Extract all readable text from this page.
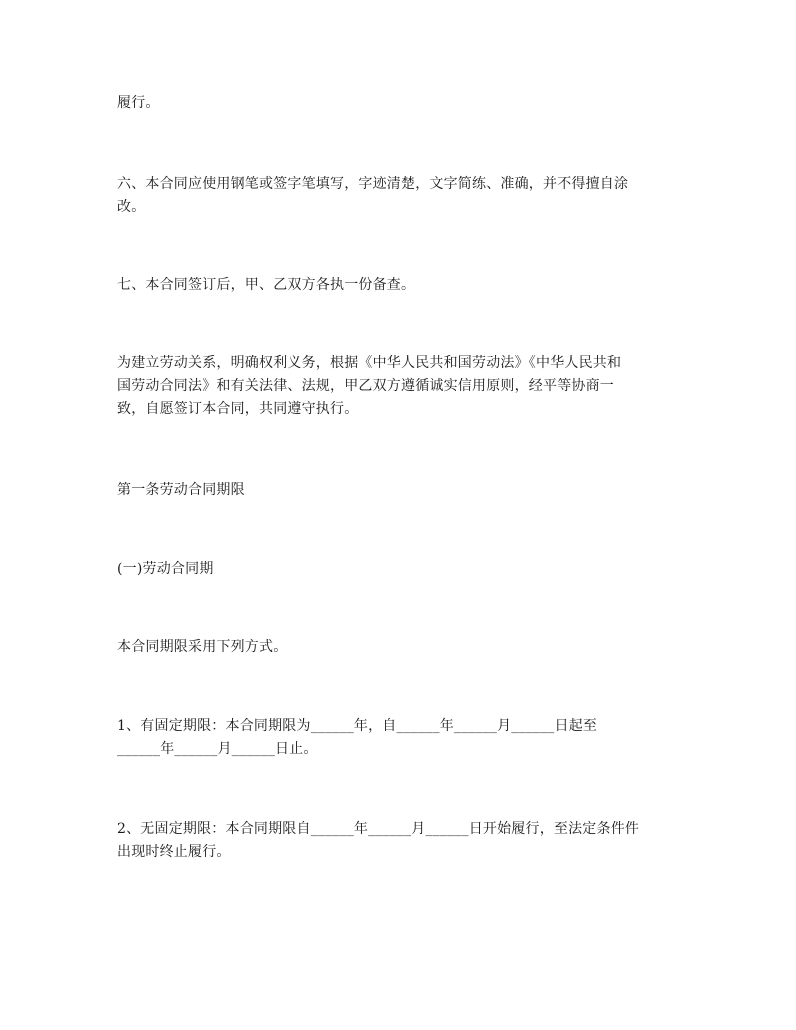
履行。
六、本合同应使用钢笔或签字笔填写，字迹清楚，文字简练、准确，并不得擅自涂
改。
七、本合同签订后，甲、乙双方各执一份备查。
为建立劳动关系，明确权利义务，根据《中华人民共和国劳动法》《中华人民共和
国劳动合同法》和有关法律、法规，甲乙双方遵循诚实信用原则，经平等协商一
致，自愿签订本合同，共同遵守执行。
第一条劳动合同期限
(一)劳动合同期
本合同期限采用下列方式。
1、有固定期限：本合同期限为______年，自______年______月______日起至
______年______月______日止。
2、无固定期限：本合同期限自______年______月______日开始履行，至法定条件件
出现时终止履行。
